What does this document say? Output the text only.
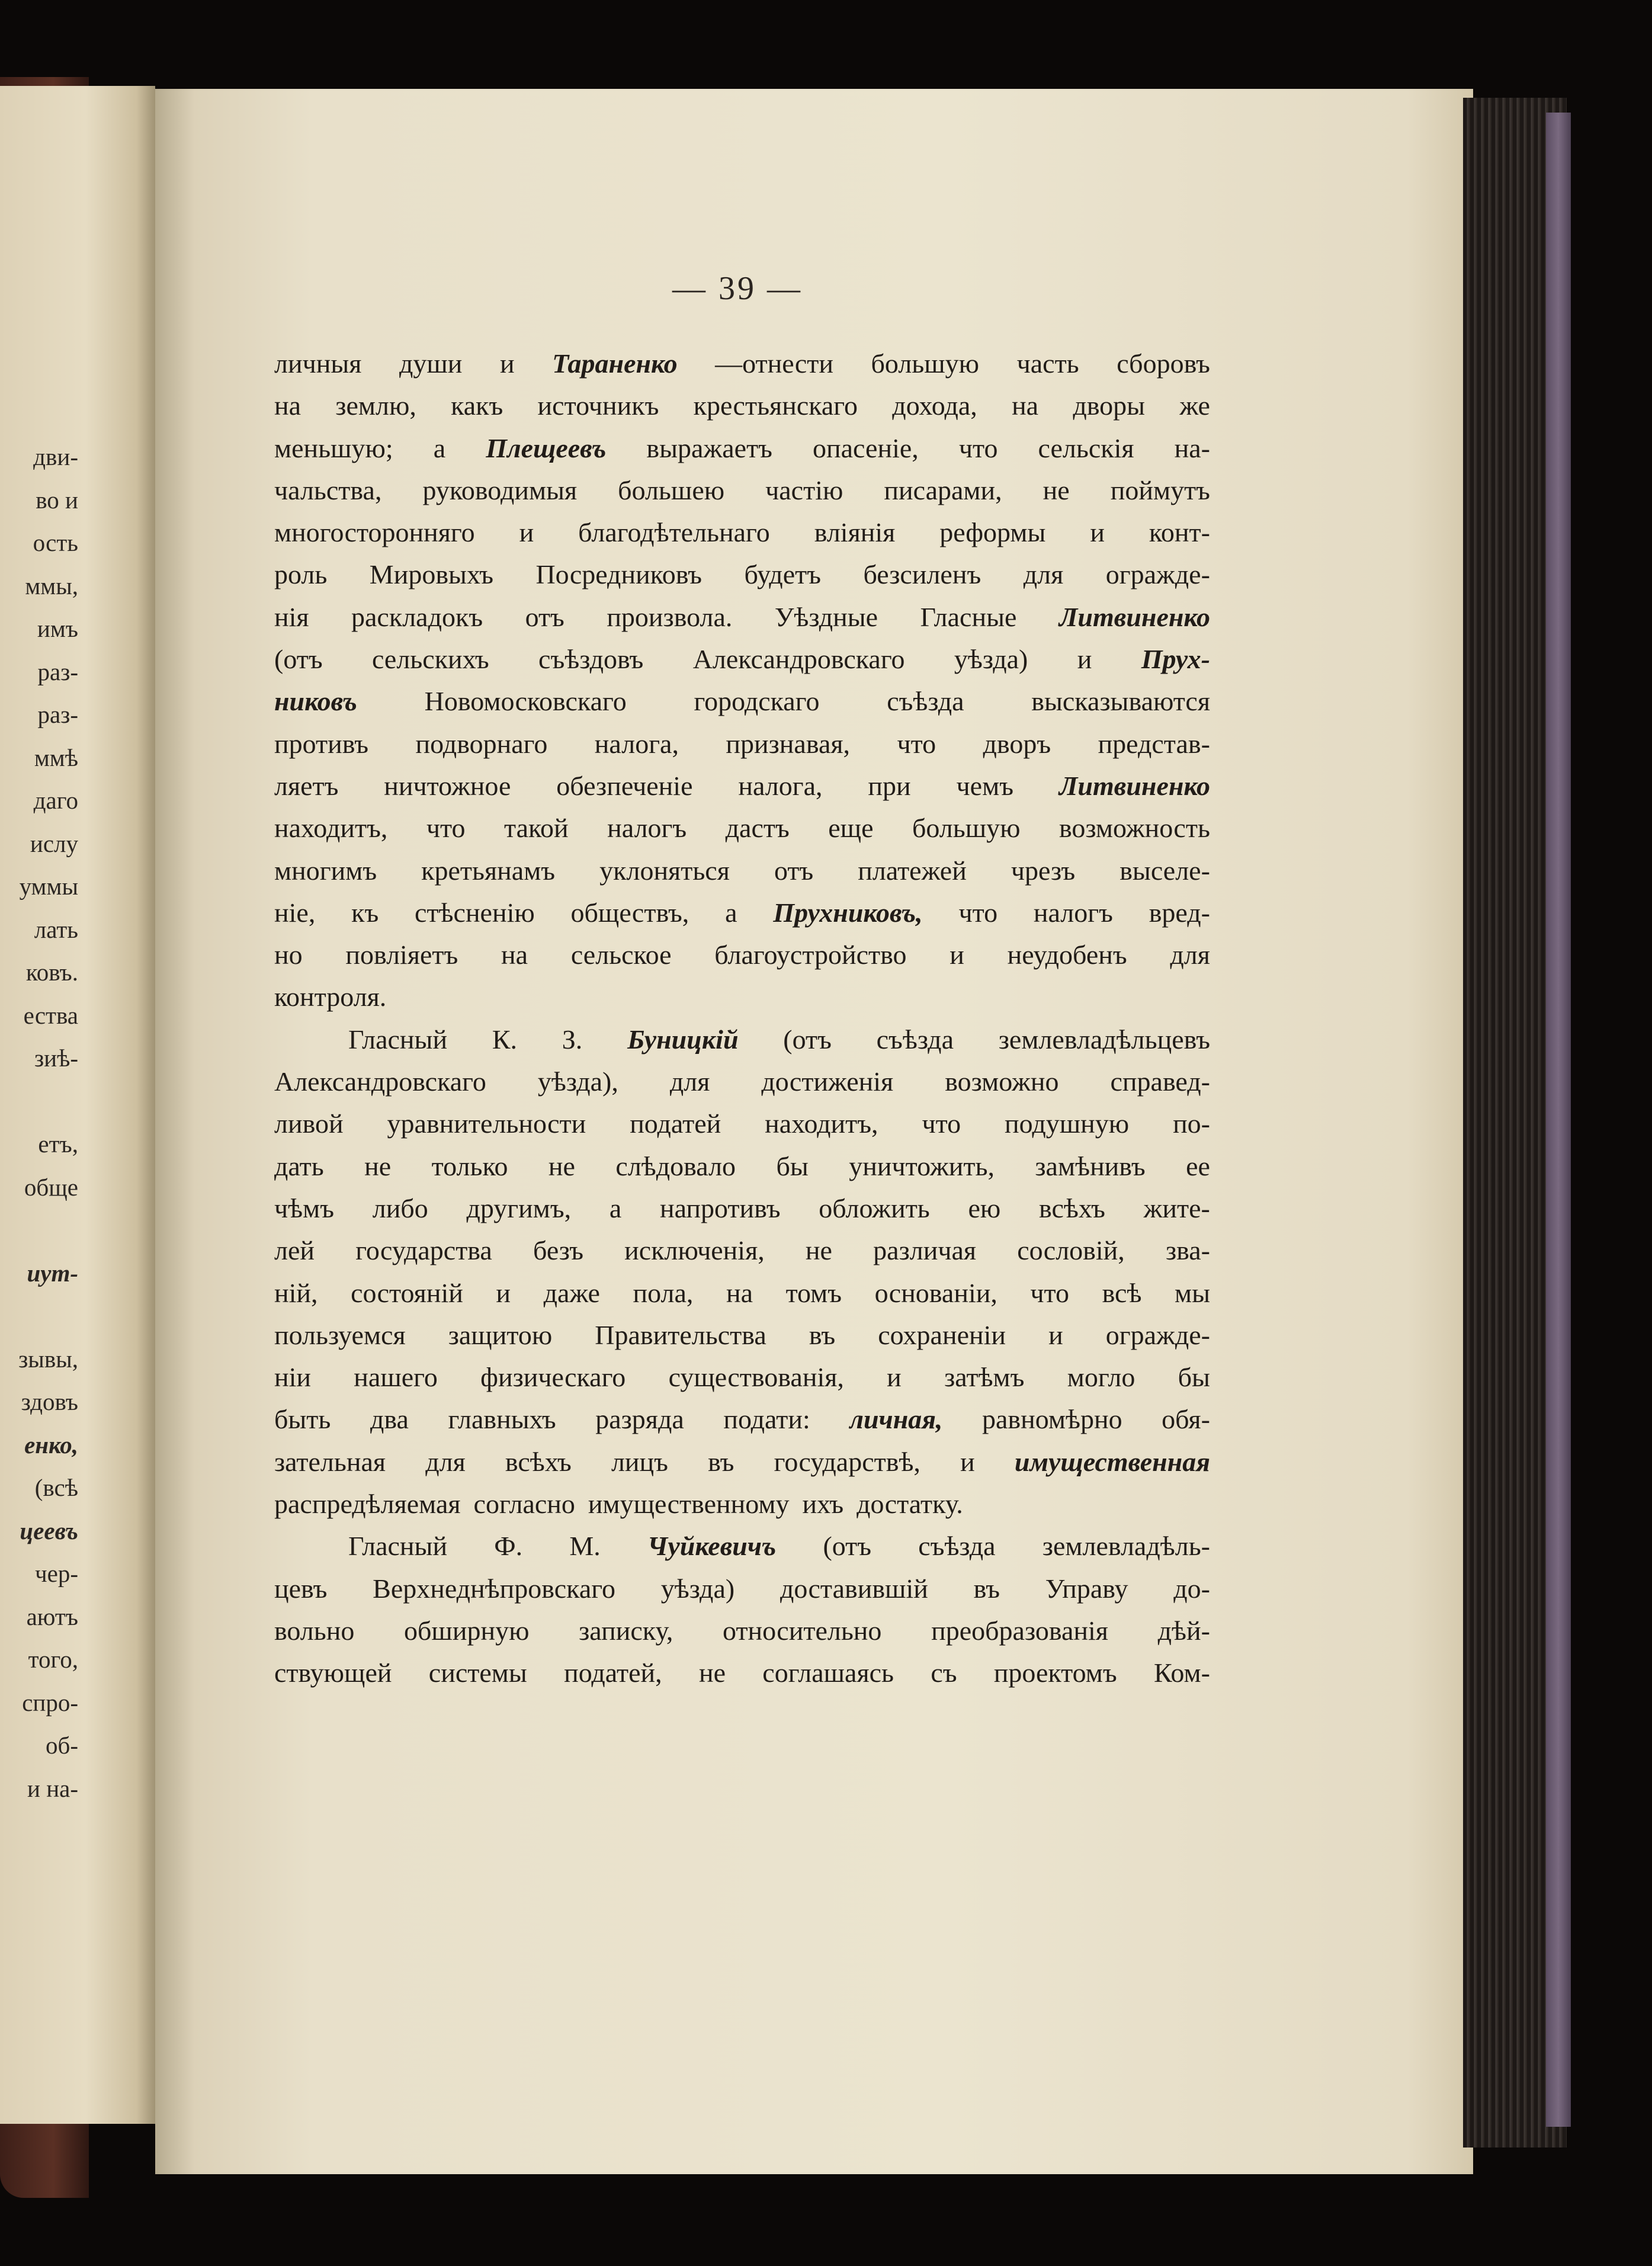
дви-
во и
ость
ммы,
имъ
раз-
раз-
ммѣ
даго
ислу
уммы
лать
ковъ.
ества
зиѣ-
етъ,
обще
иут-
зывы,
здовъ
енко,
(всѣ
цеевъ
чер-
аютъ
того,
спро-
об-
и на-
— 39 —
личныя души и Тараненко —отнести большую часть сборовъ
на землю, какъ источникъ крестьянскаго дохода, на дворы же
меньшую; а Плещеевъ выражаетъ опасеніе, что сельскія на-
чальства, руководимыя большею частію писарами, не поймутъ
многосторонняго и благодѣтельнаго вліянія реформы и конт-
роль Мировыхъ Посредниковъ будетъ безсиленъ для огражде-
нія раскладокъ отъ произвола. Уѣздные Гласные Литвиненко
(отъ сельскихъ съѣздовъ Александровскаго уѣзда) и Прух-
никовъ Новомосковскаго городскаго съѣзда высказываются
противъ подворнаго налога, признавая, что дворъ представ-
ляетъ ничтожное обезпеченіе налога, при чемъ Литвиненко
находитъ, что такой налогъ дастъ еще большую возможность
многимъ кретьянамъ уклоняться отъ платежей чрезъ выселе-
ніе, къ стѣсненію обществъ, а Прухниковъ, что налогъ вред-
но повліяетъ на сельское благоустройство и неудобенъ для
контроля.
Гласный К. З. Буницкій (отъ съѣзда землевладѣльцевъ
Александровскаго уѣзда), для достиженія возможно справед-
ливой уравнительности податей находитъ, что подушную по-
дать не только не слѣдовало бы уничтожить, замѣнивъ ее
чѣмъ либо другимъ, а напротивъ обложить ею всѣхъ жите-
лей государства безъ исключенія, не различая сословій, зва-
ній, состояній и даже пола, на томъ основаніи, что всѣ мы
пользуемся защитою Правительства въ сохраненіи и огражде-
ніи нашего физическаго существованія, и затѣмъ могло бы
быть два главныхъ разряда подати: личная, равномѣрно обя-
зательная для всѣхъ лицъ въ государствѣ, и имущественная
распредѣляемая согласно имущественному ихъ достатку.
Гласный Ф. М. Чуйкевичъ (отъ съѣзда землевладѣль-
цевъ Верхнеднѣпровскаго уѣзда) доставившій въ Управу до-
вольно обширную записку, относительно преобразованія дѣй-
ствующей системы податей, не соглашаясь съ проектомъ Ком-
